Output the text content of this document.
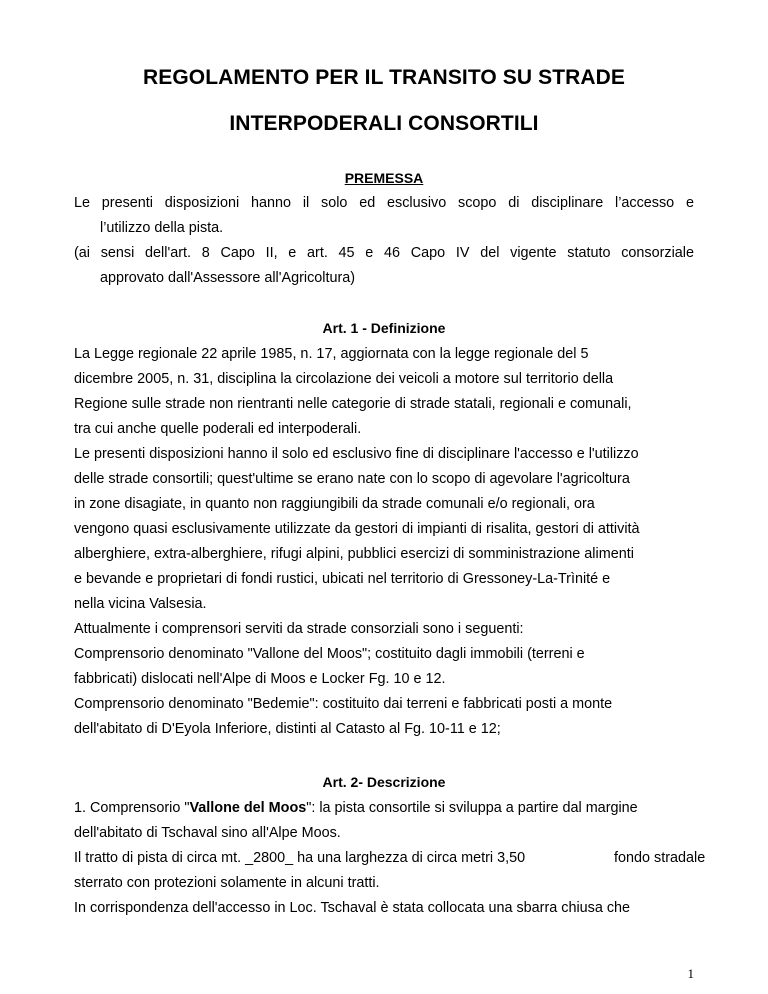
REGOLAMENTO PER IL TRANSITO SU STRADE
INTERPODERALI CONSORTILI
PREMESSA
Le presenti disposizioni hanno il solo ed esclusivo scopo di disciplinare l’accesso e
l’utilizzo della pista.
(ai sensi dell'art. 8 Capo II, e art. 45 e 46 Capo IV del vigente statuto consorziale
approvato dall'Assessore all'Agricoltura)
Art. 1 - Definizione
La Legge regionale 22 aprile 1985, n. 17, aggiornata con la legge regionale del 5
dicembre 2005, n. 31, disciplina la circolazione dei veicoli a motore sul territorio della
Regione sulle strade non rientranti nelle categorie di strade statali, regionali e comunali,
tra cui anche quelle poderali ed interpoderali.
Le presenti disposizioni hanno il solo ed esclusivo fine di disciplinare l'accesso e l'utilizzo
delle strade consortili; quest'ultime se erano nate con lo scopo di agevolare l'agricoltura
in zone disagiate, in quanto non raggiungibili da strade comunali e/o regionali, ora
vengono quasi esclusivamente utilizzate da gestori di impianti di risalita, gestori di attività
alberghiere, extra-alberghiere, rifugi alpini, pubblici esercizi di somministrazione alimenti
e bevande e proprietari di fondi rustici, ubicati nel territorio di Gressoney-La-Trìnité e
nella vicina Valsesia.
Attualmente i comprensori serviti da strade consorziali sono i seguenti:
Comprensorio denominato "Vallone del Moos"; costituito dagli immobili (terreni e
fabbricati) dislocati nell'Alpe di Moos e Locker Fg. 10 e 12.
Comprensorio denominato "Bedemie": costituito dai terreni e fabbricati posti a monte
dell'abitato di D'Eyola Inferiore, distinti al Catasto al Fg. 10-11 e 12;
Art. 2- Descrizione
1. Comprensorio "Vallone del Moos": la pista consortile si sviluppa a partire dal margine
dell'abitato di Tschaval sino all'Alpe Moos.
Il tratto di pista di circa mt. _2800_ ha una larghezza di circa metri 3,50	fondo stradale
sterrato con protezioni solamente in alcuni tratti.
In corrispondenza dell'accesso in Loc. Tschaval è stata collocata una sbarra chiusa che
1
